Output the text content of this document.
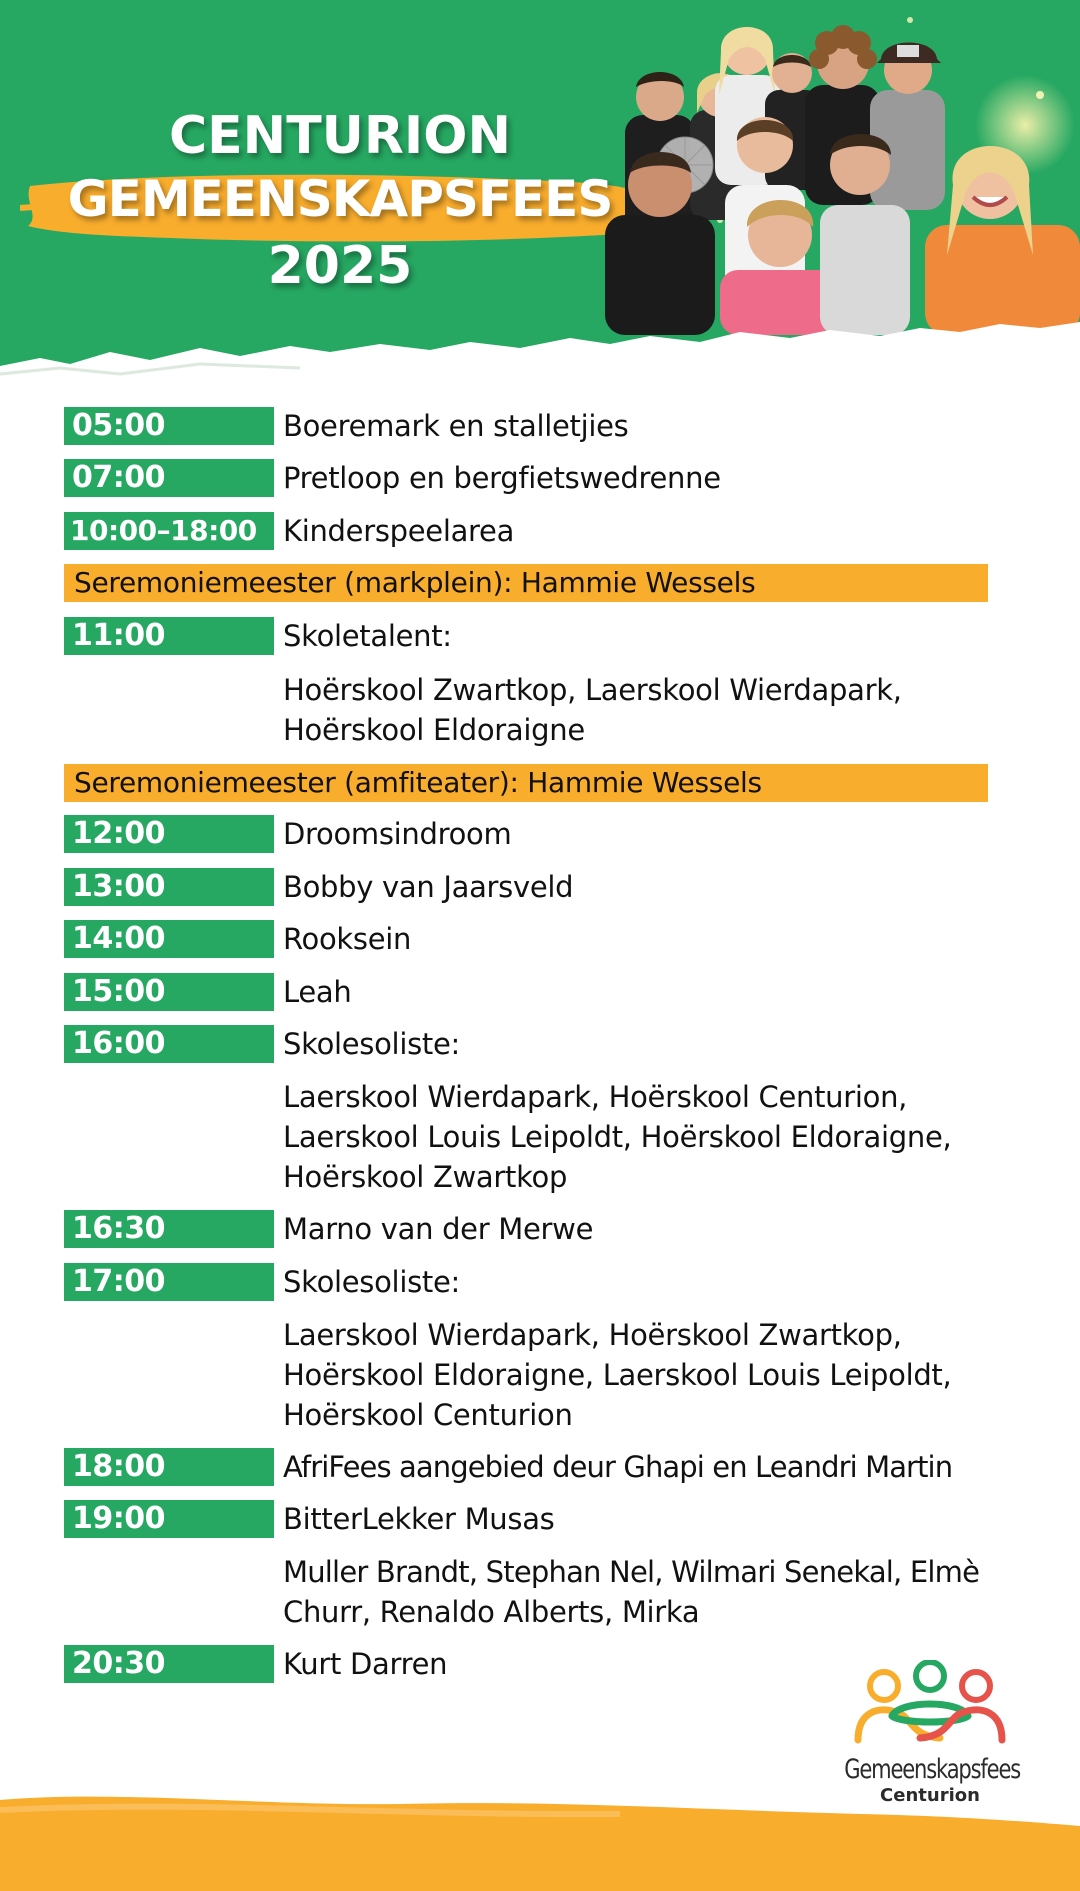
CENTURION
GEMEENSKAPSFEES
2025
05:00	Boeremark en stalletjies
07:00	Pretloop en bergfietswedrenne
10:00–18:00 Kinderspeelarea
Seremoniemeester (markplein): Hammie Wessels
11:00	Skoletalent:
Hoërskool Zwartkop, Laerskool Wierdapark,
Hoërskool Eldoraigne
Seremoniemeester (amfiteater): Hammie Wessels
12:00	Droomsindroom
13:00	Bobby van Jaarsveld
14:00	Rooksein
15:00	Leah
16:00	Skolesoliste:
Laerskool Wierdapark, Hoërskool Centurion,
Laerskool Louis Leipoldt, Hoërskool Eldoraigne,
Hoërskool Zwartkop
16:30	Marno van der Merwe
17:00	Skolesoliste:
Laerskool Wierdapark, Hoërskool Zwartkop,
Hoërskool Eldoraigne, Laerskool Louis Leipoldt,
Hoërskool Centurion
18:00	AfriFees aangebied deur Ghapi en Leandri Martin
19:00	BitterLekker Musas
Muller Brandt, Stephan Nel, Wilmari Senekal, Elmè
Churr, Renaldo Alberts, Mirka
20:30	Kurt Darren
Gemeenskapsfees
Centurion
